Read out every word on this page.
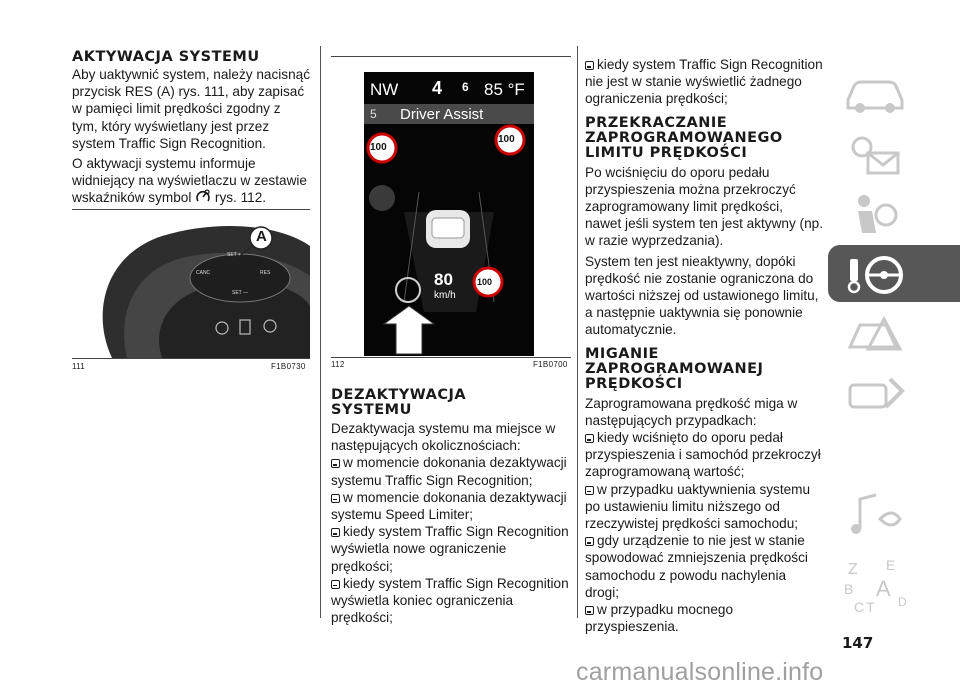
AKTYWACJA SYSTEMU

Aby uaktywnić system, należy nacisnąć

przycisk RES (A) rys. 111, aby zapisać

w pamięci limit prędkości zgodny z

tym, który wyświetlany jest przez

system Traffic Sign Recognition.

O aktywacji systemu informuje

widniejący na wyświetlaczu w zestawie

wskaźników symbol rys. 112.

A
SET +
CANC	RES
SET —
111	F1B0730
NW 4 6 85 °F
5 Driver Assist
100
100
100
80
km/h
112	F1B0700
DEZAKTYWACJA
SYSTEMU

Dezaktywacja systemu ma miejsce w

następujących okolicznościach:

w momencie dokonania dezaktywacji

systemu Traffic Sign Recognition;

w momencie dokonania dezaktywacji

systemu Speed Limiter;

kiedy system Traffic Sign Recognition

wyświetla nowe ograniczenie

prędkości;

kiedy system Traffic Sign Recognition

wyświetla koniec ograniczenia

prędkości;

kiedy system Traffic Sign Recognition

nie jest w stanie wyświetlić żadnego

ograniczenia prędkości;

PRZEKRACZANIE
ZAPROGRAMOWANEGO
LIMITU PRĘDKOŚCI

Po wciśnięciu do oporu pedału

przyspieszenia można przekroczyć

zaprogramowany limit prędkości,

nawet jeśli system ten jest aktywny (np.

w razie wyprzedzania).

System ten jest nieaktywny, dopóki

prędkość nie zostanie ograniczona do

wartości niższej od ustawionego limitu,

a następnie uaktywnia się ponownie

automatycznie.

MIGANIE
ZAPROGRAMOWANEJ
PRĘDKOŚCI

Zaprogramowana prędkość miga w

następujących przypadkach:

kiedy wciśnięto do oporu pedał

przyspieszenia i samochód przekroczył

zaprogramowaną wartość;

w przypadku uaktywnienia systemu

po ustawieniu limitu niższego od

rzeczywistej prędkości samochodu;

gdy urządzenie to nie jest w stanie

spowodować zmniejszenia prędkości

samochodu z powodu nachylenia

drogi;

w przypadku mocnego

przyspieszenia.

Z E
B A
C T D
147
carmanualsonline.info
